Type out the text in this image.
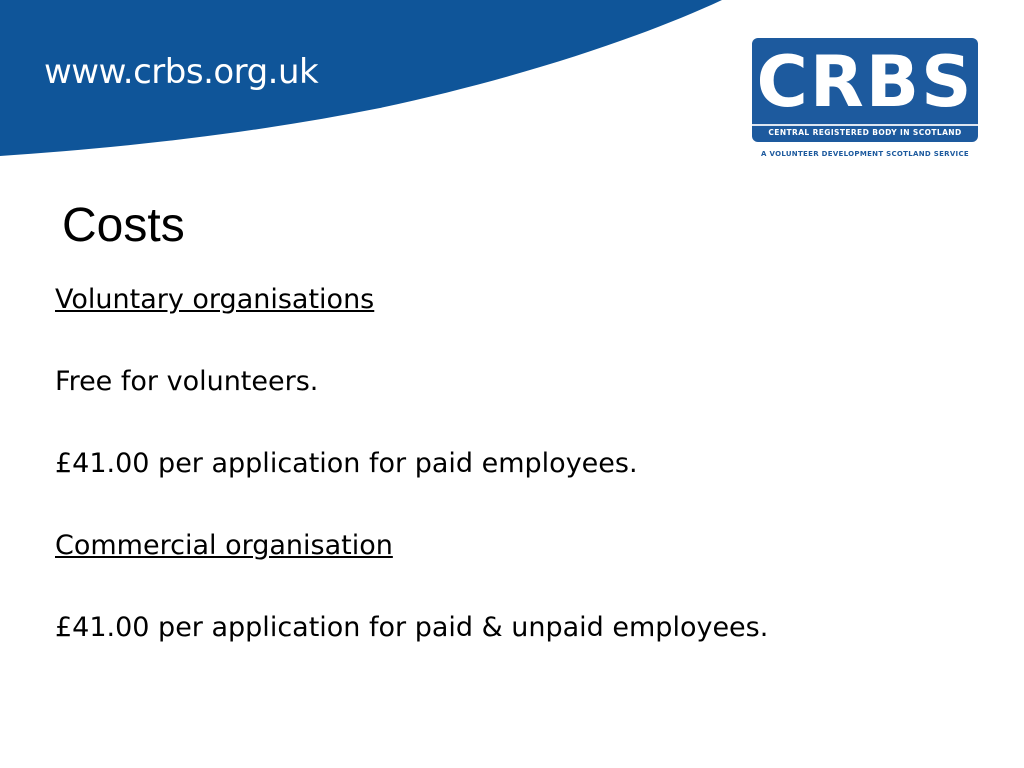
www.crbs.org.uk	CRBS
CENTRAL REGISTERED BODY IN SCOTLAND
A VOLUNTEER DEVELOPMENT SCOTLAND SERVICE
Costs
Voluntary organisations
Free for volunteers.
£41.00 per application for paid employees.
Commercial organisation
£41.00 per application for paid & unpaid employees.
